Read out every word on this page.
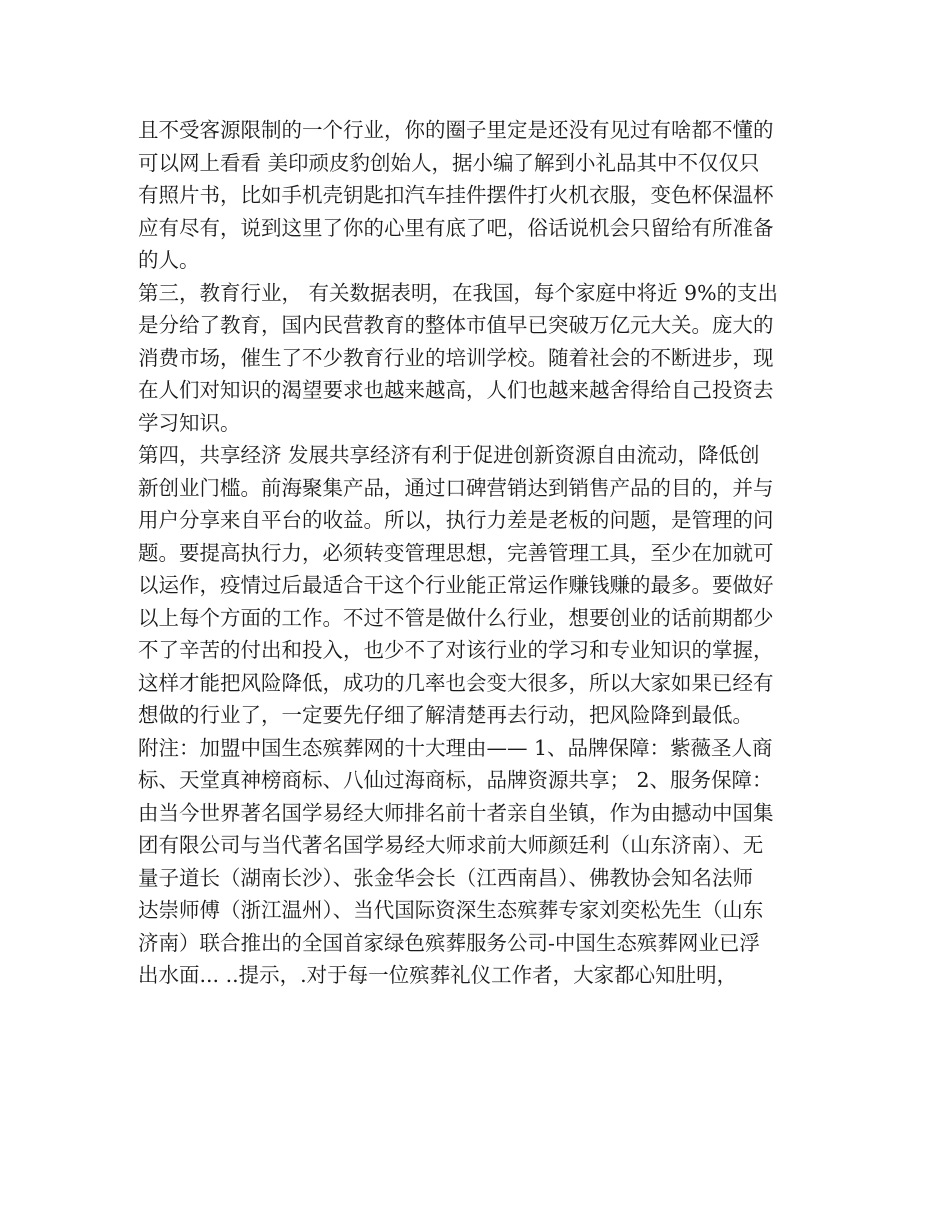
且不受客源限制的一个行业，你的圈子里定是还没有见过有啥都不懂的
可以网上看看 美印顽皮豹创始人，据小编了解到小礼品其中不仅仅只
有照片书，比如手机壳钥匙扣汽车挂件摆件打火机衣服，变色杯保温杯
应有尽有，说到这里了你的心里有底了吧，俗话说机会只留给有所准备
的人。
第三，教育行业， 有关数据表明，在我国，每个家庭中将近 9%的支出
是分给了教育，国内民营教育的整体市值早已突破万亿元大关。庞大的
消费市场，催生了不少教育行业的培训学校。随着社会的不断进步，现
在人们对知识的渴望要求也越来越高，人们也越来越舍得给自己投资去
学习知识。
第四，共享经济 发展共享经济有利于促进创新资源自由流动，降低创
新创业门槛。前海聚集产品，通过口碑营销达到销售产品的目的，并与
用户分享来自平台的收益。所以，执行力差是老板的问题，是管理的问
题。要提高执行力，必须转变管理思想，完善管理工具，至少在加就可
以运作，疫情过后最适合干这个行业能正常运作赚钱赚的最多。要做好
以上每个方面的工作。不过不管是做什么行业，想要创业的话前期都少
不了辛苦的付出和投入，也少不了对该行业的学习和专业知识的掌握，
这样才能把风险降低，成功的几率也会变大很多，所以大家如果已经有
想做的行业了，一定要先仔细了解清楚再去行动，把风险降到最低。
附注：加盟中国生态殡葬网的十大理由—— 1、品牌保障：紫薇圣人商
标、天堂真神榜商标、八仙过海商标，品牌资源共享； 2、服务保障：
由当今世界著名国学易经大师排名前十者亲自坐镇，作为由撼动中国集
团有限公司与当代著名国学易经大师求前大师颜廷利（山东济南）、无
量子道长（湖南长沙）、张金华会长（江西南昌）、佛教协会知名法师
达崇师傅（浙江温州）、当代国际资深生态殡葬专家刘奕松先生（山东
济南）联合推出的全国首家绿色殡葬服务公司-中国生态殡葬网业已浮
出水面... ..提示，.对于每一位殡葬礼仪工作者，大家都心知肚明，
